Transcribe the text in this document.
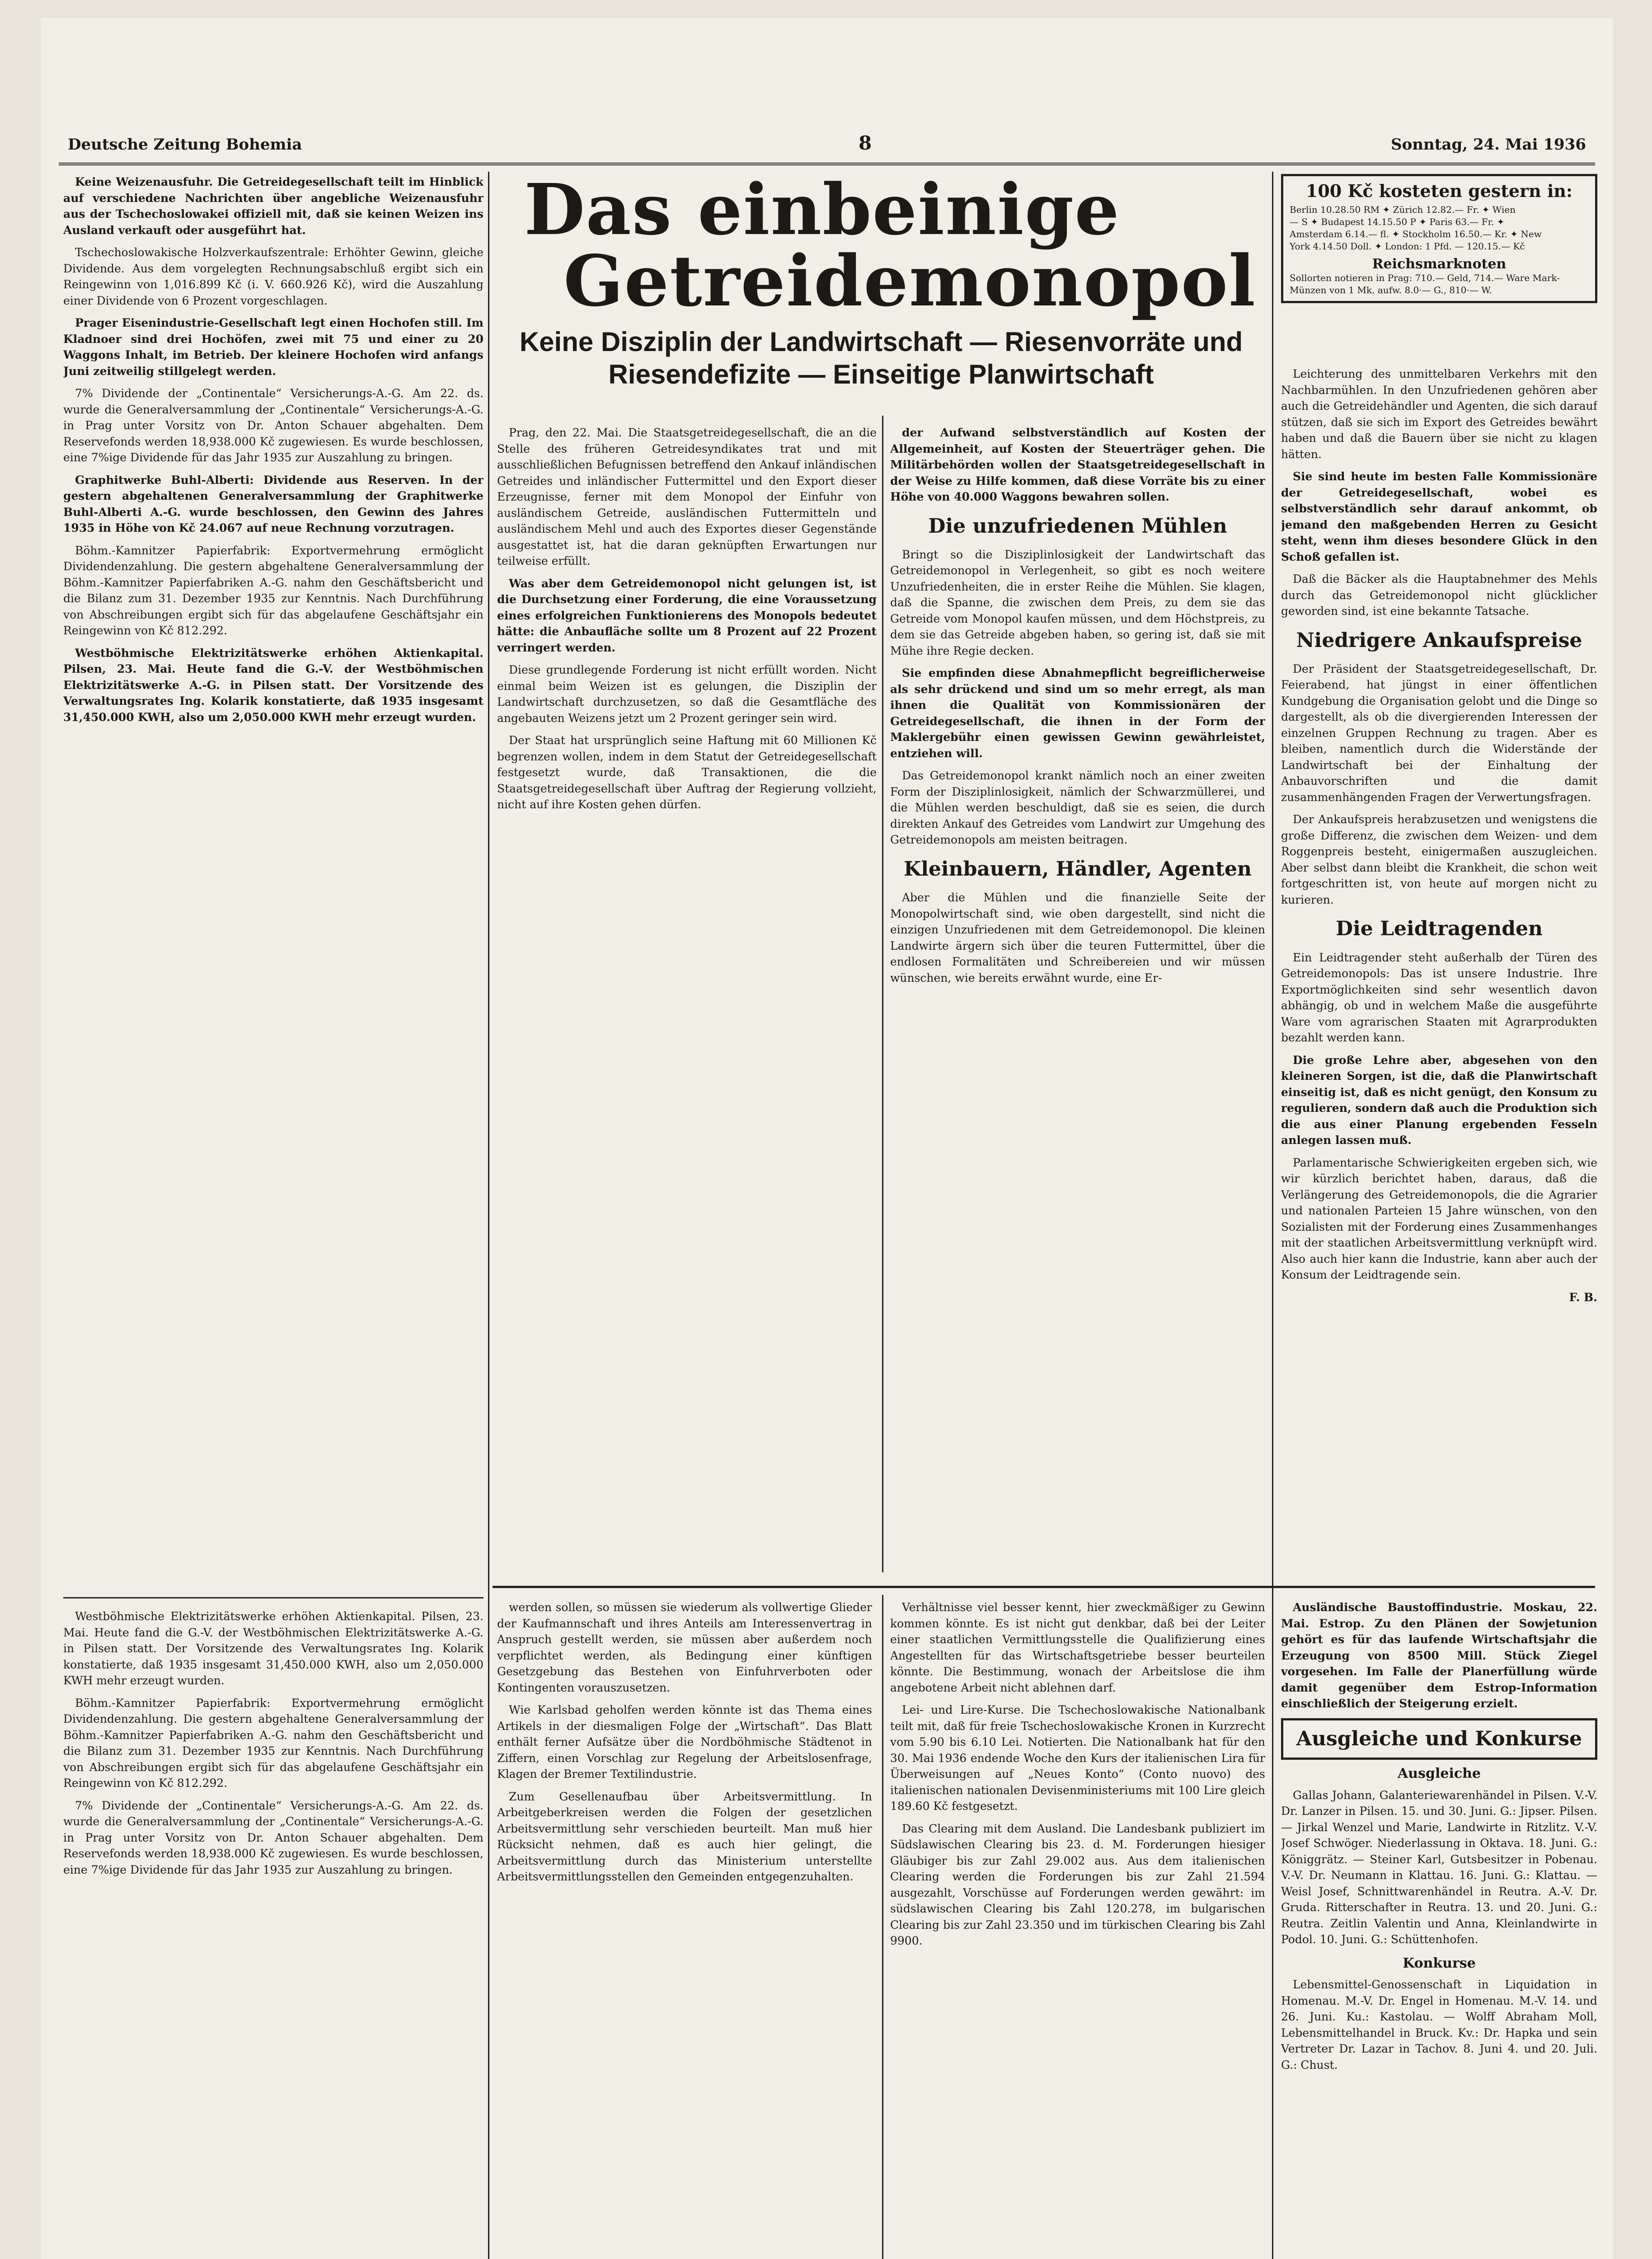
Deutsche Zeitung Bohemia	8	Sonntag, 24. Mai 1936

Keine Weizenausfuhr. Die Getreidegesellschaft teilt im Hinblick auf verschiedene Nachrichten über angebliche Weizenausfuhr aus der Tschechoslowakei offiziell mit, daß sie keinen Weizen ins Ausland verkauft oder ausgeführt hat.

Tschechoslowakische Holzverkaufszentrale: Erhöhter Gewinn, gleiche Dividende. Aus dem vorgelegten Rechnungsabschluß ergibt sich ein Reingewinn von 1,016.899 Kč (i. V. 660.926 Kč), wird die Auszahlung einer Dividende von 6 Prozent vorgeschlagen.

Prager Eisenindustrie-Gesellschaft legt einen Hochofen still. Im Kladnoer sind drei Hochöfen, zwei mit 75 und einer zu 20 Waggons Inhalt, im Betrieb. Der kleinere Hochofen wird anfangs Juni zeitweilig stillgelegt werden.

7% Dividende der „Continentale“ Versicherungs-A.-G. Am 22. ds. wurde die Generalversammlung der „Continentale“ Versicherungs-A.-G. in Prag unter Vorsitz von Dr. Anton Schauer abgehalten. Dem Reservefonds werden 18,938.000 Kč zugewiesen. Es wurde beschlossen, eine 7%ige Dividende für das Jahr 1935 zur Auszahlung zu bringen.

Graphitwerke Buhl-Alberti: Dividende aus Reserven. In der gestern abgehaltenen Generalversammlung der Graphitwerke Buhl-Alberti A.-G. wurde beschlossen, den Gewinn des Jahres 1935 in Höhe von Kč 24.067 auf neue Rechnung vorzutragen.

Böhm.-Kamnitzer Papierfabrik: Exportvermehrung ermöglicht Dividendenzahlung. Die gestern abgehaltene Generalversammlung der Böhm.-Kamnitzer Papierfabriken A.-G. nahm den Geschäftsbericht und die Bilanz zum 31. Dezember 1935 zur Kenntnis. Nach Durchführung von Abschreibungen ergibt sich für das abgelaufene Geschäftsjahr ein Reingewinn von Kč 812.292.

Westböhmische Elektrizitätswerke erhöhen Aktienkapital. Pilsen, 23. Mai. Heute fand die G.-V. der Westböhmischen Elektrizitätswerke A.-G. in Pilsen statt. Der Vorsitzende des Verwaltungsrates Ing. Kolarik konstatierte, daß 1935 insgesamt 31,450.000 KWH, also um 2,050.000 KWH mehr erzeugt wurden.

Das einbeinige
Getreidemonopol
Keine Disziplin der Landwirtschaft — Riesenvorräte und Riesendefizite — Einseitige Planwirtschaft

Prag, den 22. Mai. Die Staatsgetreidegesellschaft, die an die Stelle des früheren Getreidesyndikates trat und mit ausschließlichen Befugnissen betreffend den Ankauf inländischen Getreides und inländischer Futtermittel und den Export dieser Erzeugnisse, ferner mit dem Monopol der Einfuhr von ausländischem Getreide, ausländischen Futtermitteln und ausländischem Mehl und auch des Exportes dieser Gegenstände ausgestattet ist, hat die daran geknüpften Erwartungen nur teilweise erfüllt.

Was aber dem Getreidemonopol nicht gelungen ist, ist die Durchsetzung einer Forderung, die eine Voraussetzung eines erfolgreichen Funktionierens des Monopols bedeutet hätte: die Anbaufläche sollte um 8 Prozent auf 22 Prozent verringert werden.

Diese grundlegende Forderung ist nicht erfüllt worden. Nicht einmal beim Weizen ist es gelungen, die Disziplin der Landwirtschaft durchzusetzen, so daß die Gesamtfläche des angebauten Weizens jetzt um 2 Prozent geringer sein wird.

Der Staat hat ursprünglich seine Haftung mit 60 Millionen Kč begrenzen wollen, indem in dem Statut der Getreidegesellschaft festgesetzt wurde, daß Transaktionen, die die Staatsgetreidegesellschaft über Auftrag der Regierung vollzieht, nicht auf ihre Kosten gehen dürfen.

der Aufwand selbstverständlich auf Kosten der Allgemeinheit, auf Kosten der Steuerträger gehen. Die Militärbehörden wollen der Staatsgetreidegesellschaft in der Weise zu Hilfe kommen, daß diese Vorräte bis zu einer Höhe von 40.000 Waggons bewahren sollen.

Die unzufriedenen Mühlen

Bringt so die Disziplinlosigkeit der Landwirtschaft das Getreidemonopol in Verlegenheit, so gibt es noch weitere Unzufriedenheiten, die in erster Reihe die Mühlen. Sie klagen, daß die Spanne, die zwischen dem Preis, zu dem sie das Getreide vom Monopol kaufen müssen, und dem Höchstpreis, zu dem sie das Getreide abgeben haben, so gering ist, daß sie mit Mühe ihre Regie decken.

Sie empfinden diese Abnahmepflicht begreiflicherweise als sehr drückend und sind um so mehr erregt, als man ihnen die Qualität von Kommissionären der Getreidegesellschaft, die ihnen in der Form der Maklergebühr einen gewissen Gewinn gewährleistet, entziehen will.

Das Getreidemonopol krankt nämlich noch an einer zweiten Form der Disziplinlosigkeit, nämlich der Schwarzmüllerei, und die Mühlen werden beschuldigt, daß sie es seien, die durch direkten Ankauf des Getreides vom Landwirt zur Umgehung des Getreidemonopols am meisten beitragen.

Kleinbauern, Händler, Agenten

Aber die Mühlen und die finanzielle Seite der Monopolwirtschaft sind, wie oben dargestellt, sind nicht die einzigen Unzufriedenen mit dem Getreidemonopol. Die kleinen Landwirte ärgern sich über die teuren Futtermittel, über die endlosen Formalitäten und Schreibereien und wir müssen wünschen, wie bereits erwähnt wurde, eine Er-

100 Kč kosteten gestern in:
Berlin 10.28.50 RM ✦ Zürich 12.82.— Fr. ✦ Wien
— S ✦ Budapest 14.15.50 P ✦ Paris 63.— Fr. ✦
Amsterdam 6.14.— fl. ✦ Stockholm 16.50.— Kr. ✦ New
York 4.14.50 Doll. ✦ London: 1 Pfd. — 120.15.— Kč
Reichsmarknoten
Sollorten notieren in Prag: 710.— Geld, 714.— Ware Mark-Münzen von 1 Mk. aufw. 8.0·— G., 810·— W.

Leichterung des unmittelbaren Verkehrs mit den Nachbarmühlen. In den Unzufriedenen gehören aber auch die Getreidehändler und Agenten, die sich darauf stützen, daß sie sich im Export des Getreides bewährt haben und daß die Bauern über sie nicht zu klagen hätten.

Sie sind heute im besten Falle Kommissionäre der Getreidegesellschaft, wobei es selbstverständlich sehr darauf ankommt, ob jemand den maßgebenden Herren zu Gesicht steht, wenn ihm dieses besondere Glück in den Schoß gefallen ist.

Daß die Bäcker als die Hauptabnehmer des Mehls durch das Getreidemonopol nicht glücklicher geworden sind, ist eine bekannte Tatsache.

Niedrigere Ankaufspreise

Der Präsident der Staatsgetreidegesellschaft, Dr. Feierabend, hat jüngst in einer öffentlichen Kundgebung die Organisation gelobt und die Dinge so dargestellt, als ob die divergierenden Interessen der einzelnen Gruppen Rechnung zu tragen. Aber es bleiben, namentlich durch die Widerstände der Landwirtschaft bei der Einhaltung der Anbauvorschriften und die damit zusammenhängenden Fragen der Verwertungsfragen.

Der Ankaufspreis herabzusetzen und wenigstens die große Differenz, die zwischen dem Weizen- und dem Roggenpreis besteht, einigermaßen auszugleichen. Aber selbst dann bleibt die Krankheit, die schon weit fortgeschritten ist, von heute auf morgen nicht zu kurieren.

Die Leidtragenden

Ein Leidtragender steht außerhalb der Türen des Getreidemonopols: Das ist unsere Industrie. Ihre Exportmöglichkeiten sind sehr wesentlich davon abhängig, ob und in welchem Maße die ausgeführte Ware vom agrarischen Staaten mit Agrarprodukten bezahlt werden kann.

Die große Lehre aber, abgesehen von den kleineren Sorgen, ist die, daß die Planwirtschaft einseitig ist, daß es nicht genügt, den Konsum zu regulieren, sondern daß auch die Produktion sich die aus einer Planung ergebenden Fesseln anlegen lassen muß.

Parlamentarische Schwierigkeiten ergeben sich, wie wir kürzlich berichtet haben, daraus, daß die Verlängerung des Getreidemonopols, die die Agrarier und nationalen Parteien 15 Jahre wünschen, von den Sozialisten mit der Forderung eines Zusammenhanges mit der staatlichen Arbeitsvermittlung verknüpft wird. Also auch hier kann die Industrie, kann aber auch der Konsum der Leidtragende sein.

F. B.

werden sollen, so müssen sie wiederum als vollwertige Glieder der Kaufmannschaft und ihres Anteils am Interessenvertrag in Anspruch gestellt werden, sie müssen aber außerdem noch verpflichtet werden, als Bedingung einer künftigen Gesetzgebung das Bestehen von Einfuhrverboten oder Kontingenten vorauszusetzen.

Wie Karlsbad geholfen werden könnte ist das Thema eines Artikels in der diesmaligen Folge der „Wirtschaft“. Das Blatt enthält ferner Aufsätze über die Nordböhmische Städtenot in Ziffern, einen Vorschlag zur Regelung der Arbeitslosenfrage, Klagen der Bremer Textilindustrie.

Zum Gesellenaufbau über Arbeitsvermittlung. In Arbeitgeberkreisen werden die Folgen der gesetzlichen Arbeitsvermittlung sehr verschieden beurteilt. Man muß hier Rücksicht nehmen, daß es auch hier gelingt, die Arbeitsvermittlung durch das Ministerium unterstellte Arbeitsvermittlungsstellen den Gemeinden entgegenzuhalten.

Verhältnisse viel besser kennt, hier zweckmäßiger zu Gewinn kommen könnte. Es ist nicht gut denkbar, daß bei der Leiter einer staatlichen Vermittlungsstelle die Qualifizierung eines Angestellten für das Wirtschaftsgetriebe besser beurteilen könnte. Die Bestimmung, wonach der Arbeitslose die ihm angebotene Arbeit nicht ablehnen darf.

Lei- und Lire-Kurse. Die Tschechoslowakische Nationalbank teilt mit, daß für freie Tschechoslowakische Kronen in Kurzrecht vom 5.90 bis 6.10 Lei. Notierten. Die Nationalbank hat für den 30. Mai 1936 endende Woche den Kurs der italienischen Lira für Überweisungen auf „Neues Konto“ (Conto nuovo) des italienischen nationalen Devisenministeriums mit 100 Lire gleich 189.60 Kč festgesetzt.

Das Clearing mit dem Ausland. Die Landesbank publiziert im Südslawischen Clearing bis 23. d. M. Forderungen hiesiger Gläubiger bis zur Zahl 29.002 aus. Aus dem italienischen Clearing werden die Forderungen bis zur Zahl 21.594 ausgezahlt, Vorschüsse auf Forderungen werden gewährt: im südslawischen Clearing bis Zahl 120.278, im bulgarischen Clearing bis zur Zahl 23.350 und im türkischen Clearing bis Zahl 9900.

Ausländische Baustoffindustrie. Moskau, 22. Mai. Estrop. Zu den Plänen der Sowjetunion gehört es für das laufende Wirtschaftsjahr die Erzeugung von 8500 Mill. Stück Ziegel vorgesehen. Im Falle der Planerfüllung würde damit gegenüber dem Estrop-Information einschließlich der Steigerung erzielt.

Ausgleiche und Konkurse
Ausgleiche

Gallas Johann, Galanteriewarenhändel in Pilsen. V.-V. Dr. Lanzer in Pilsen. 15. und 30. Juni. G.: Jipser. Pilsen. — Jirkal Wenzel und Marie, Landwirte in Ritzlitz. V.-V. Josef Schwöger. Niederlassung in Oktava. 18. Juni. G.: Königgrätz. — Steiner Karl, Gutsbesitzer in Pobenau. V.-V. Dr. Neumann in Klattau. 16. Juni. G.: Klattau. — Weisl Josef, Schnittwarenhändel in Reutra. A.-V. Dr. Gruda. Ritterschafter in Reutra. 13. und 20. Juni. G.: Reutra. Zeitlin Valentin und Anna, Kleinlandwirte in Podol. 10. Juni. G.: Schüttenhofen.

Konkurse

Lebensmittel-Genossenschaft in Liquidation in Homenau. M.-V. Dr. Engel in Homenau. M.-V. 14. und 26. Juni. Ku.: Kastolau. — Wolff Abraham Moll, Lebensmittelhandel in Bruck. Kv.: Dr. Hapka und sein Vertreter Dr. Lazar in Tachov. 8. Juni 4. und 20. Juli. G.: Chust.

Westböhmische Elektrizitätswerke erhöhen Aktienkapital. Pilsen, 23. Mai. Heute fand die G.-V. der Westböhmischen Elektrizitätswerke A.-G. in Pilsen statt. Der Vorsitzende des Verwaltungsrates Ing. Kolarik konstatierte, daß 1935 insgesamt 31,450.000 KWH, also um 2,050.000 KWH mehr erzeugt wurden.

Böhm.-Kamnitzer Papierfabrik: Exportvermehrung ermöglicht Dividendenzahlung. Die gestern abgehaltene Generalversammlung der Böhm.-Kamnitzer Papierfabriken A.-G. nahm den Geschäftsbericht und die Bilanz zum 31. Dezember 1935 zur Kenntnis. Nach Durchführung von Abschreibungen ergibt sich für das abgelaufene Geschäftsjahr ein Reingewinn von Kč 812.292.

7% Dividende der „Continentale“ Versicherungs-A.-G. Am 22. ds. wurde die Generalversammlung der „Continentale“ Versicherungs-A.-G. in Prag unter Vorsitz von Dr. Anton Schauer abgehalten. Dem Reservefonds werden 18,938.000 Kč zugewiesen. Es wurde beschlossen, eine 7%ige Dividende für das Jahr 1935 zur Auszahlung zu bringen.
